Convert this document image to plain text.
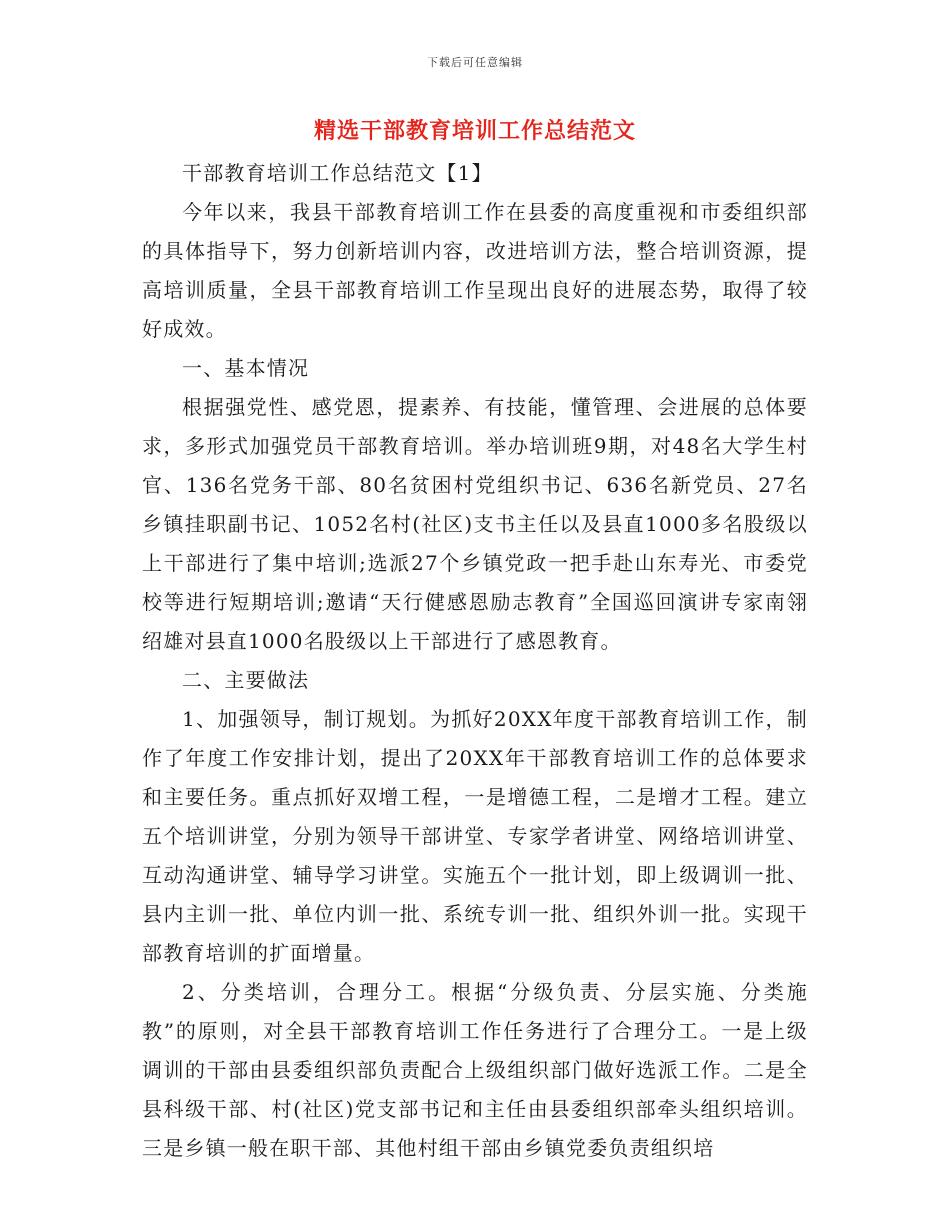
下载后可任意编辑
精选干部教育培训工作总结范文

干部教育培训工作总结范文【1】

今年以来，我县干部教育培训工作在县委的高度重视和市委组织部的具体指导下，努力创新培训内容，改进培训方法，整合培训资源，提高培训质量，全县干部教育培训工作呈现出良好的进展态势，取得了较好成效。

一、基本情况

根据强党性、感党恩，提素养、有技能，懂管理、会进展的总体要求，多形式加强党员干部教育培训。举办培训班9期，对48名大学生村官、136名党务干部、80名贫困村党组织书记、636名新党员、27名乡镇挂职副书记、1052名村(社区)支书主任以及县直1000多名股级以上干部进行了集中培训;选派27个乡镇党政一把手赴山东寿光、市委党校等进行短期培训;邀请“天行健感恩励志教育”全国巡回演讲专家南翎绍雄对县直1000名股级以上干部进行了感恩教育。

二、主要做法

1、加强领导，制订规划。为抓好20XX年度干部教育培训工作，制作了年度工作安排计划，提出了20XX年干部教育培训工作的总体要求和主要任务。重点抓好双增工程，一是增德工程，二是增才工程。建立五个培训讲堂，分别为领导干部讲堂、专家学者讲堂、网络培训讲堂、互动沟通讲堂、辅导学习讲堂。实施五个一批计划，即上级调训一批、县内主训一批、单位内训一批、系统专训一批、组织外训一批。实现干部教育培训的扩面增量。

2、分类培训，合理分工。根据“分级负责、分层实施、分类施教”的原则，对全县干部教育培训工作任务进行了合理分工。一是上级调训的干部由县委组织部负责配合上级组织部门做好选派工作。二是全县科级干部、村(社区)党支部书记和主任由县委组织部牵头组织培训。三是乡镇一般在职干部、其他村组干部由乡镇党委负责组织培
